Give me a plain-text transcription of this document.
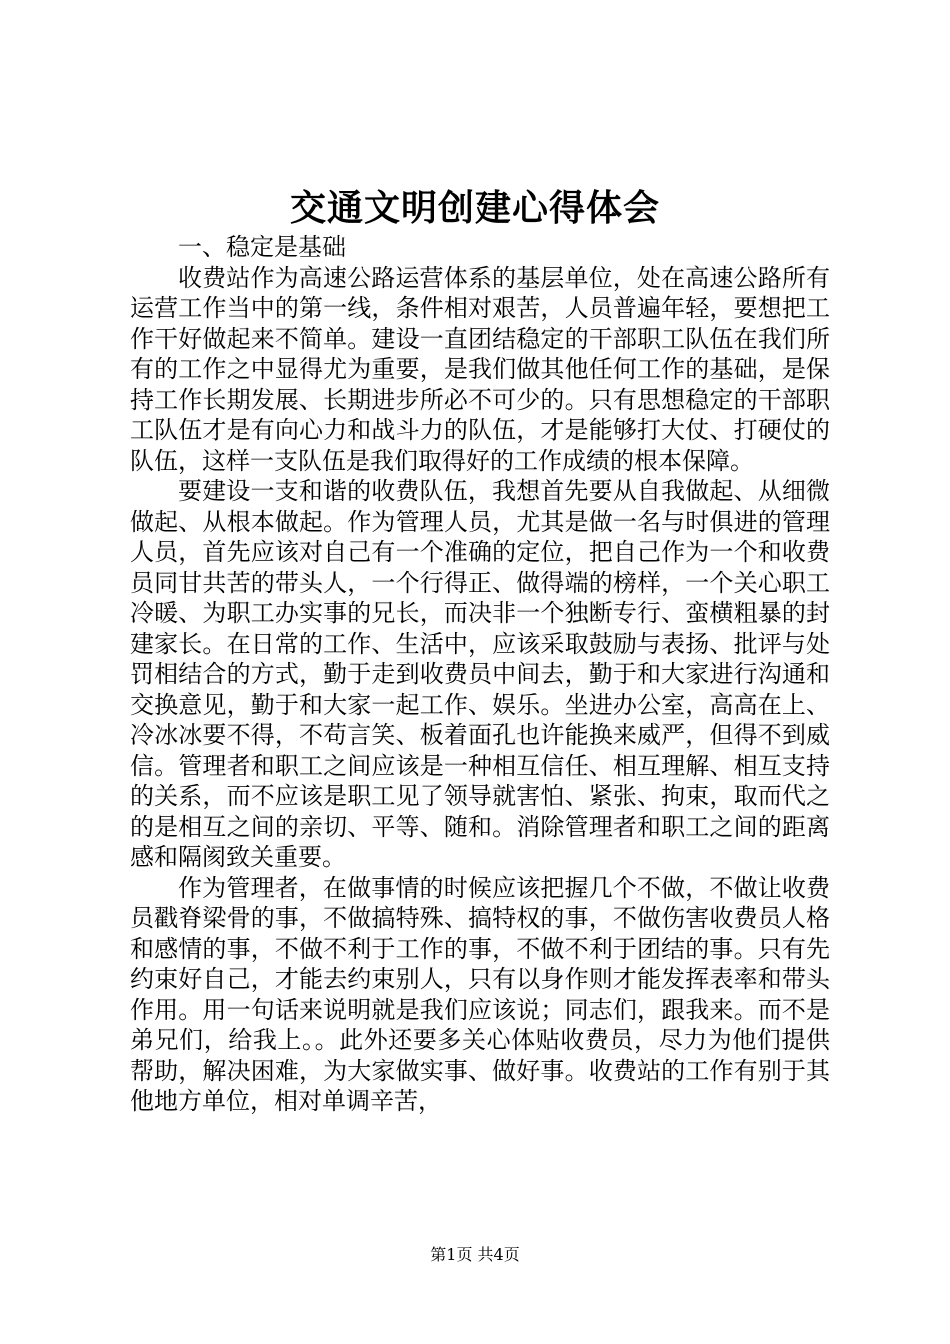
交通文明创建心得体会

一、稳定是基础

收费站作为高速公路运营体系的基层单位，处在高速公路所有运营工作当中的第一线，条件相对艰苦，人员普遍年轻，要想把工作干好做起来不简单。建设一直团结稳定的干部职工队伍在我们所有的工作之中显得尤为重要，是我们做其他任何工作的基础，是保持工作长期发展、长期进步所必不可少的。只有思想稳定的干部职工队伍才是有向心力和战斗力的队伍，才是能够打大仗、打硬仗的队伍，这样一支队伍是我们取得好的工作成绩的根本保障。

要建设一支和谐的收费队伍，我想首先要从自我做起、从细微做起、从根本做起。作为管理人员，尤其是做一名与时俱进的管理人员，首先应该对自己有一个准确的定位，把自己作为一个和收费员同甘共苦的带头人，一个行得正、做得端的榜样，一个关心职工冷暖、为职工办实事的兄长，而决非一个独断专行、蛮横粗暴的封建家长。在日常的工作、生活中，应该采取鼓励与表扬、批评与处罚相结合的方式，勤于走到收费员中间去，勤于和大家进行沟通和交换意见，勤于和大家一起工作、娱乐。坐进办公室，高高在上、冷冰冰要不得，不苟言笑、板着面孔也许能换来威严，但得不到威信。管理者和职工之间应该是一种相互信任、相互理解、相互支持的关系，而不应该是职工见了领导就害怕、紧张、拘束，取而代之的是相互之间的亲切、平等、随和。消除管理者和职工之间的距离感和隔阂致关重要。

作为管理者，在做事情的时候应该把握几个不做，不做让收费员戳脊梁骨的事，不做搞特殊、搞特权的事，不做伤害收费员人格和感情的事，不做不利于工作的事，不做不利于团结的事。只有先约束好自己，才能去约束别人，只有以身作则才能发挥表率和带头作用。用一句话来说明就是我们应该说；同志们，跟我来。而不是弟兄们，给我上。。此外还要多关心体贴收费员，尽力为他们提供帮助，解决困难，为大家做实事、做好事。收费站的工作有别于其他地方单位，相对单调辛苦，

第1页 共4页
